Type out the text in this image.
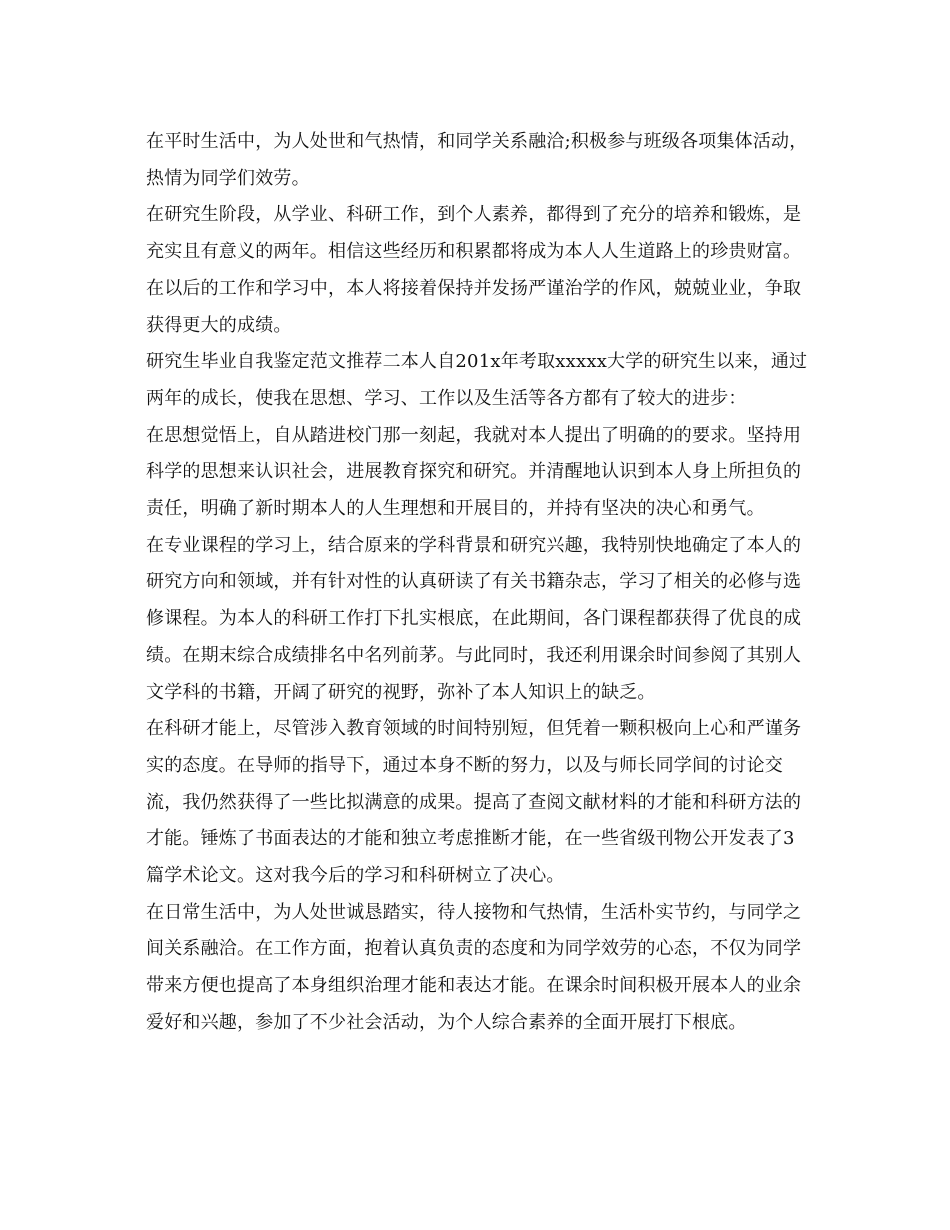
在平时生活中，为人处世和气热情，和同学关系融洽;积极参与班级各项集体活动，热情为同学们效劳。

在研究生阶段，从学业、科研工作，到个人素养，都得到了充分的培养和锻炼，是充实且有意义的两年。相信这些经历和积累都将成为本人人生道路上的珍贵财富。在以后的工作和学习中，本人将接着保持并发扬严谨治学的作风，兢兢业业，争取获得更大的成绩。

研究生毕业自我鉴定范文推荐二本人自201x年考取xxxxx大学的研究生以来，通过两年的成长，使我在思想、学习、工作以及生活等各方都有了较大的进步：

在思想觉悟上，自从踏进校门那一刻起，我就对本人提出了明确的的要求。坚持用科学的思想来认识社会，进展教育探究和研究。并清醒地认识到本人身上所担负的责任，明确了新时期本人的人生理想和开展目的，并持有坚决的决心和勇气。

在专业课程的学习上，结合原来的学科背景和研究兴趣，我特别快地确定了本人的研究方向和领域，并有针对性的认真研读了有关书籍杂志，学习了相关的必修与选修课程。为本人的科研工作打下扎实根底，在此期间，各门课程都获得了优良的成绩。在期末综合成绩排名中名列前茅。与此同时，我还利用课余时间参阅了其别人文学科的书籍，开阔了研究的视野，弥补了本人知识上的缺乏。

在科研才能上，尽管涉入教育领域的时间特别短，但凭着一颗积极向上心和严谨务实的态度。在导师的指导下，通过本身不断的努力，以及与师长同学间的讨论交流，我仍然获得了一些比拟满意的成果。提高了查阅文献材料的才能和科研方法的才能。锤炼了书面表达的才能和独立考虑推断才能，在一些省级刊物公开发表了3篇学术论文。这对我今后的学习和科研树立了决心。

在日常生活中，为人处世诚恳踏实，待人接物和气热情，生活朴实节约，与同学之间关系融洽。在工作方面，抱着认真负责的态度和为同学效劳的心态，不仅为同学带来方便也提高了本身组织治理才能和表达才能。在课余时间积极开展本人的业余爱好和兴趣，参加了不少社会活动，为个人综合素养的全面开展打下根底。
